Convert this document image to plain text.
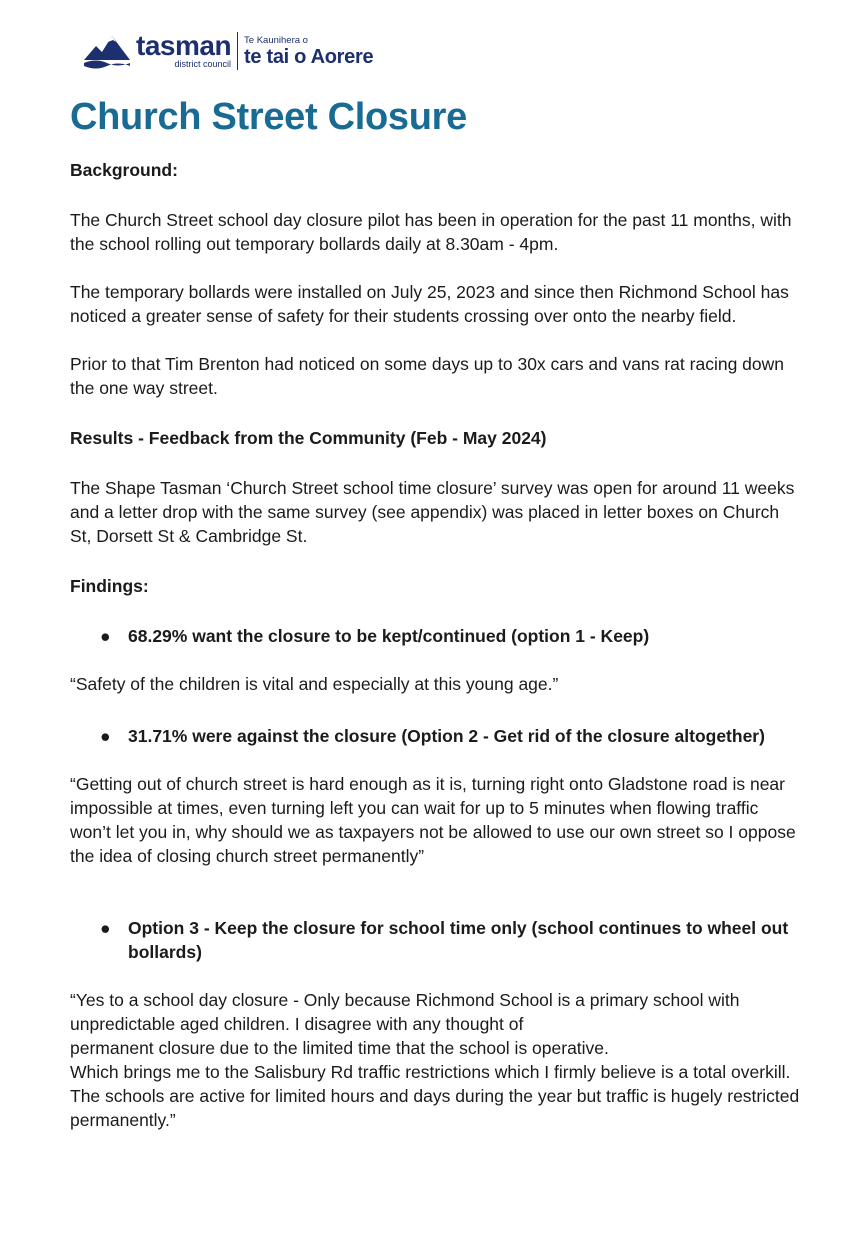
tasman
district council
Te Kaunihera o
te tai o Aorere
Church Street Closure

Background:

The Church Street school day closure pilot has been in operation for the past 11 months, with the school rolling out temporary bollards daily at 8.30am - 4pm.

The temporary bollards were installed on July 25, 2023 and since then Richmond School has noticed a greater sense of safety for their students crossing over onto the nearby field.

Prior to that Tim Brenton had noticed on some days up to 30x cars and vans rat racing down the one way street.

Results - Feedback from the Community (Feb - May 2024)

The Shape Tasman ‘Church Street school time closure’ survey was open for around 11 weeks and a letter drop with the same survey (see appendix) was placed in letter boxes on Church St, Dorsett St & Cambridge St.

Findings:

● 68.29% want the closure to be kept/continued (option 1 - Keep)

“Safety of the children is vital and especially at this young age.”

● 31.71% were against the closure (Option 2 - Get rid of the closure altogether)

“Getting out of church street is hard enough as it is, turning right onto Gladstone road is near impossible at times, even turning left you can wait for up to 5 minutes when flowing traffic won’t let you in, why should we as taxpayers not be allowed to use our own street so I oppose the idea of closing church street permanently”

● Option 3 - Keep the closure for school time only (school continues to wheel out bollards)

“Yes to a school day closure - Only because Richmond School is a primary school with unpredictable aged children. I disagree with any thought of

permanent closure due to the limited time that the school is operative.

Which brings me to the Salisbury Rd traffic restrictions which I firmly believe is a total overkill. The schools are active for limited hours and days during the year but traffic is hugely restricted permanently.”
